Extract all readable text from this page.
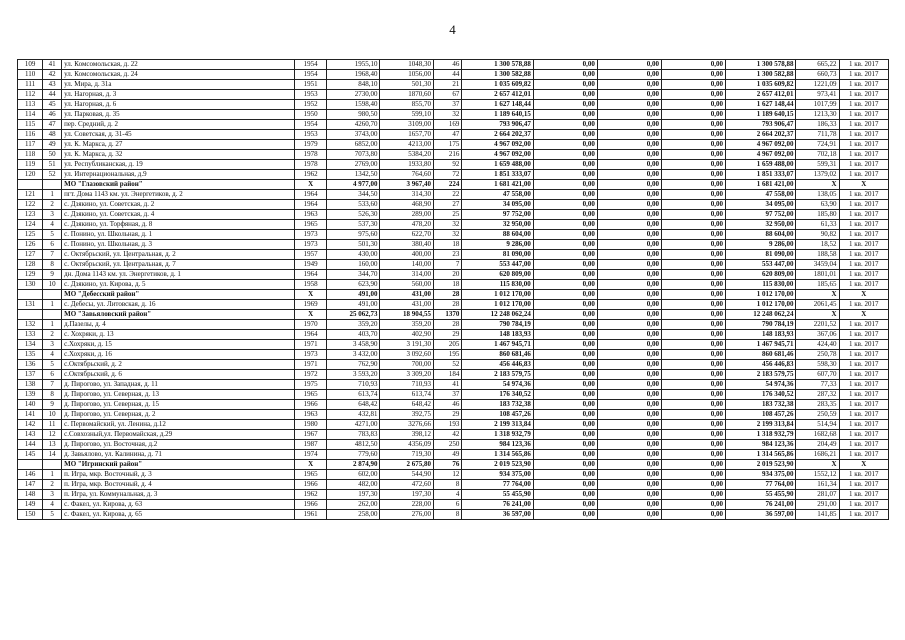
4
109	41	ул. Комсомольская, д. 22	1954	1955,10	1048,30	46	1 300 578,88	0,00	0,00	0,00	1 300 578,88	665,22	1 кв. 2017
110	42	ул. Комсомольская, д. 24	1954	1968,40	1056,00	44	1 300 582,88	0,00	0,00	0,00	1 300 582,88	660,73	1 кв. 2017
111	43	ул. Мира, д. 31а	1951	848,10	501,30	21	1 035 609,82	0,00	0,00	0,00	1 035 609,82	1221,09	1 кв. 2017
112	44	ул. Нагорная, д. 3	1953	2730,00	1870,60	67	2 657 412,01	0,00	0,00	0,00	2 657 412,01	973,41	1 кв. 2017
113	45	ул. Нагорная, д. 6	1952	1598,40	855,70	37	1 627 148,44	0,00	0,00	0,00	1 627 148,44	1017,99	1 кв. 2017
114	46	ул. Парковая, д. 35	1950	980,50	599,10	32	1 189 640,15	0,00	0,00	0,00	1 189 640,15	1213,30	1 кв. 2017
115	47	пер. Средний, д. 2	1954	4260,70	3109,00	169	793 906,47	0,00	0,00	0,00	793 906,47	186,33	1 кв. 2017
116	48	ул. Советская, д. 31-45	1953	3743,00	1657,70	47	2 664 202,37	0,00	0,00	0,00	2 664 202,37	711,78	1 кв. 2017
117	49	ул. К. Маркса, д. 27	1979	6852,00	4213,00	175	4 967 092,00	0,00	0,00	0,00	4 967 092,00	724,91	1 кв. 2017
118	50	ул. К. Маркса, д. 32	1978	7073,80	5384,20	216	4 967 092,00	0,00	0,00	0,00	4 967 092,00	702,18	1 кв. 2017
119	51	ул. Республиканская, д. 19	1978	2769,00	1933,80	92	1 659 488,00	0,00	0,00	0,00	1 659 488,00	599,31	1 кв. 2017
120	52	ул. Интернациональная, д.9	1962	1342,50	764,60	72	1 851 333,07	0,00	0,00	0,00	1 851 333,07	1379,02	1 кв. 2017
		МО "Глазовский район"	X	4 977,00	3 967,40	224	1 681 421,00	0,00	0,00	0,00	1 681 421,00	X	X
121	1	пгт. Дома 1143 км. ул. Энергетиков, д. 2	1964	344,50	314,30	22	47 558,00	0,00	0,00	0,00	47 558,00	138,05	1 кв. 2017
122	2	с. Дзякино, ул. Советская, д. 2	1964	533,60	468,90	27	34 095,00	0,00	0,00	0,00	34 095,00	63,90	1 кв. 2017
123	3	с. Дзякино, ул. Советская, д. 4	1963	526,30	289,00	25	97 752,00	0,00	0,00	0,00	97 752,00	185,80	1 кв. 2017
124	4	с. Дзякино, ул. Торфяная, д. 8	1965	537,30	478,20	32	32 950,00	0,00	0,00	0,00	32 950,00	61,33	1 кв. 2017
125	5	с. Понино, ул. Школьная, д. 1	1973	975,60	622,70	32	88 604,00	0,00	0,00	0,00	88 604,00	90,82	1 кв. 2017
126	6	с. Понино, ул. Школьная, д. 3	1973	501,30	380,40	18	9 286,00	0,00	0,00	0,00	9 286,00	18,52	1 кв. 2017
127	7	с. Октябрьский, ул. Центральная, д. 2	1957	430,00	400,00	23	81 090,00	0,00	0,00	0,00	81 090,00	188,58	1 кв. 2017
128	8	с. Октябрьский, ул. Центральная, д. 7	1949	160,00	140,00	7	553 447,00	0,00	0,00	0,00	553 447,00	3459,04	1 кв. 2017
129	9	дн. Дома 1143 км. ул. Энергетиков, д. 1	1964	344,70	314,00	20	620 809,00	0,00	0,00	0,00	620 809,00	1801,01	1 кв. 2017
130	10	с. Дзякино, ул. Кирова, д. 5	1958	623,90	560,00	18	115 830,00	0,00	0,00	0,00	115 830,00	185,65	1 кв. 2017
		МО "Дебесский район"	X	491,00	431,00	28	1 012 170,00	0,00	0,00	0,00	1 012 170,00	X	X
131	1	с. Дебесы, ул. Литовская, д. 16	1969	491,00	431,00	28	1 012 170,00	0,00	0,00	0,00	1 012 170,00	2061,45	1 кв. 2017
		МО "Завьяловский район"	X	25 062,73	18 904,55	1370	12 248 062,24	0,00	0,00	0,00	12 248 062,24	X	X
132	1	д.Пазелы, д. 4	1970	359,20	359,20	28	790 784,19	0,00	0,00	0,00	790 784,19	2201,52	1 кв. 2017
133	2	с. Хохряки, д. 13	1964	403,70	402,90	29	148 183,93	0,00	0,00	0,00	148 183,93	367,06	1 кв. 2017
134	3	с.Хохряки, д. 15	1971	3 458,90	3 191,30	205	1 467 945,71	0,00	0,00	0,00	1 467 945,71	424,40	1 кв. 2017
135	4	с.Хохряки, д. 16	1973	3 432,00	3 092,60	195	860 681,46	0,00	0,00	0,00	860 681,46	250,78	1 кв. 2017
136	5	с.Октябрьский, д. 2	1971	762,90	700,00	52	456 446,83	0,00	0,00	0,00	456 446,83	598,30	1 кв. 2017
137	6	с.Октябрьский, д. 6	1972	3 593,20	3 309,20	184	2 183 579,75	0,00	0,00	0,00	2 183 579,75	607,70	1 кв. 2017
138	7	д. Пирогово, ул. Западная, д. 11	1975	710,93	710,93	41	54 974,36	0,00	0,00	0,00	54 974,36	77,33	1 кв. 2017
139	8	д. Пирогово, ул. Северная, д. 13	1965	613,74	613,74	37	176 340,52	0,00	0,00	0,00	176 340,52	287,32	1 кв. 2017
140	9	д. Пирогово, ул. Северная, д. 15	1966	648,42	648,42	46	183 732,38	0,00	0,00	0,00	183 732,38	283,35	1 кв. 2017
141	10	д. Пирогово, ул. Северная, д. 2	1963	432,81	392,75	29	108 457,26	0,00	0,00	0,00	108 457,26	250,59	1 кв. 2017
142	11	с. Первомайский, ул. Ленина, д.12	1980	4271,00	3276,66	193	2 199 313,84	0,00	0,00	0,00	2 199 313,84	514,94	1 кв. 2017
143	12	с.Совхозный,ул. Первомайская, д.29	1967	783,83	398,12	42	1 318 932,79	0,00	0,00	0,00	1 318 932,79	1682,68	1 кв. 2017
144	13	д. Пирогово, ул. Восточная, д.2	1987	4812,50	4356,09	250	984 123,36	0,00	0,00	0,00	984 123,36	204,49	1 кв. 2017
145	14	д. Завьялово, ул. Калинина, д. 71	1974	779,60	719,30	49	1 314 565,86	0,00	0,00	0,00	1 314 565,86	1686,21	1 кв. 2017
		МО "Игринский район"	X	2 874,90	2 675,80	76	2 019 523,90	0,00	0,00	0,00	2 019 523,90	X	X
146	1	п. Игра, мкр. Восточный, д. 3	1965	602,00	544,90	12	934 375,00	0,00	0,00	0,00	934 375,00	1552,12	1 кв. 2017
147	2	п. Игра, мкр. Восточный, д. 4	1966	482,00	472,60	8	77 764,00	0,00	0,00	0,00	77 764,00	161,34	1 кв. 2017
148	3	п. Игра, ул. Коммунальная, д. 3	1962	197,30	197,30	4	55 455,90	0,00	0,00	0,00	55 455,90	281,07	1 кв. 2017
149	4	с. Факел, ул. Кирова, д. 63	1966	262,00	228,00	6	76 241,00	0,00	0,00	0,00	76 241,00	291,00	1 кв. 2017
150	5	с. Факел, ул. Кирова, д. 65	1961	258,00	276,00	8	36 597,00	0,00	0,00	0,00	36 597,00	141,85	1 кв. 2017
